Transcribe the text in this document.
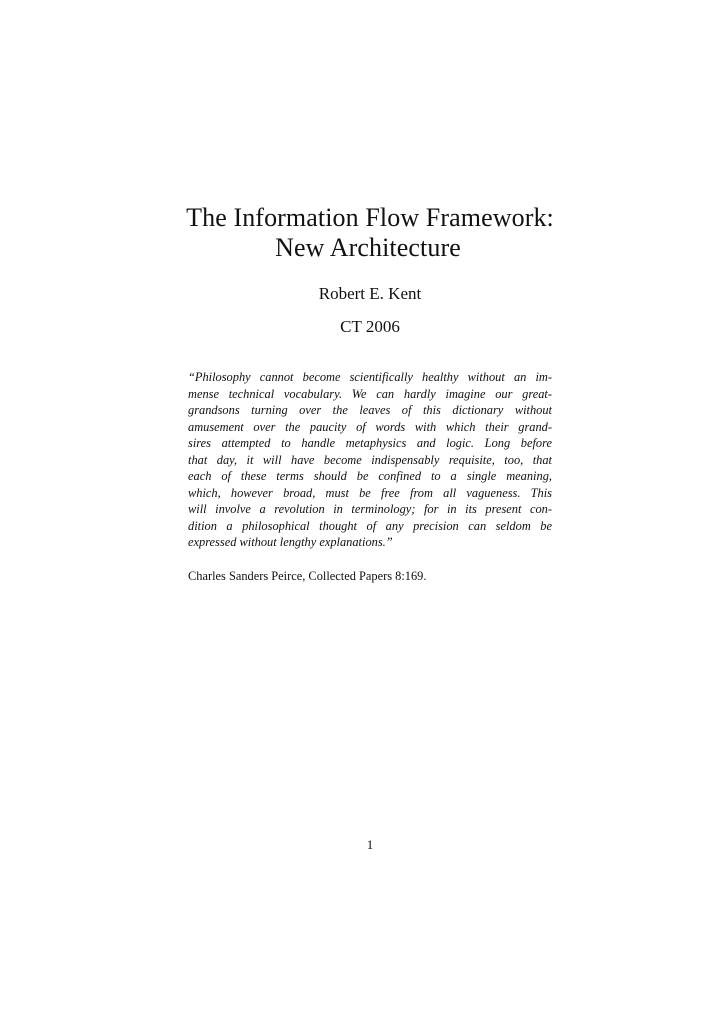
The Information Flow Framework:
New Architecture
Robert E. Kent
CT 2006
“Philosophy cannot become scientifically healthy without an im-
mense technical vocabulary. We can hardly imagine our great-
grandsons turning over the leaves of this dictionary without
amusement over the paucity of words with which their grand-
sires attempted to handle metaphysics and logic. Long before
that day, it will have become indispensably requisite, too, that
each of these terms should be confined to a single meaning,
which, however broad, must be free from all vagueness. This
will involve a revolution in terminology; for in its present con-
dition a philosophical thought of any precision can seldom be
expressed without lengthy explanations.”
Charles Sanders Peirce, Collected Papers 8:169.
1
